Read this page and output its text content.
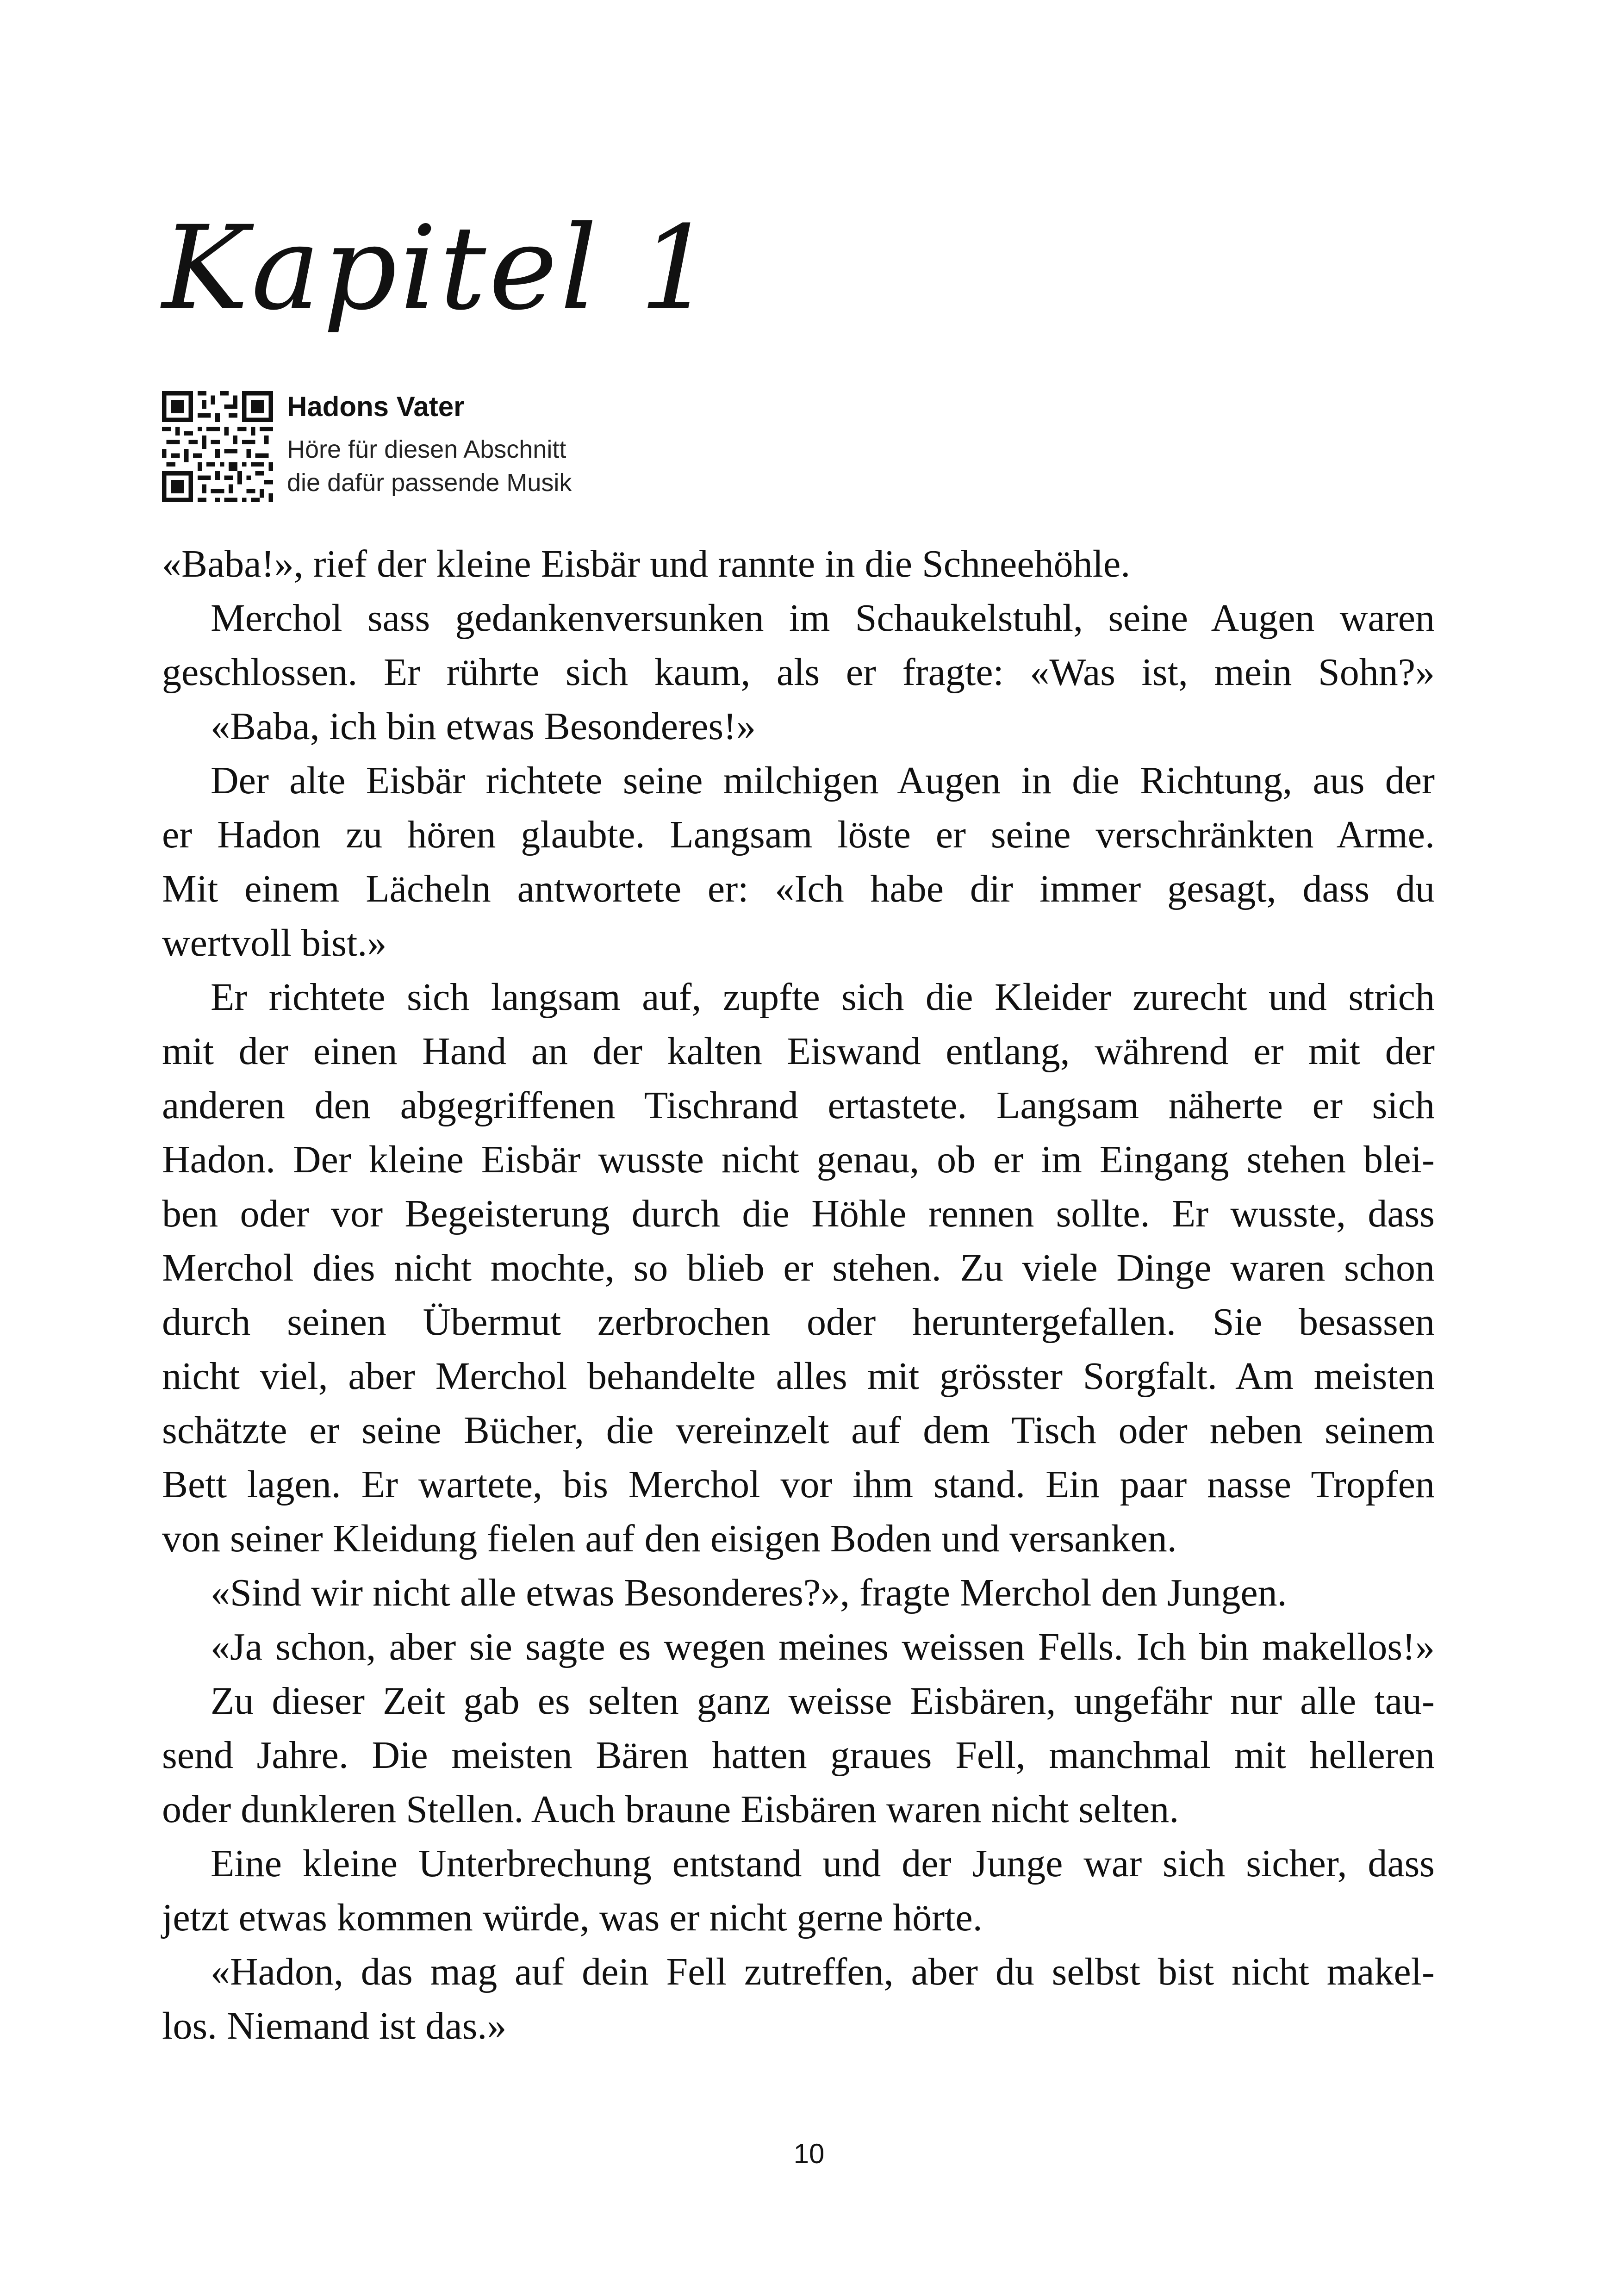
Kapitel 1

Hadons Vater

Höre für diesen Abschnitt
die dafür passende Musik

«Baba!», rief der kleine Eisbär und rannte in die Schneehöhle.
Merchol sass gedankenversunken im Schaukelstuhl, seine Augen waren
geschlossen. Er rührte sich kaum, als er fragte: «Was ist, mein Sohn?»
«Baba, ich bin etwas Besonderes!»
Der alte Eisbär richtete seine milchigen Augen in die Richtung, aus der
er Hadon zu hören glaubte. Langsam löste er seine verschränkten Arme.
Mit einem Lächeln antwortete er: «Ich habe dir immer gesagt, dass du
wertvoll bist.»
Er richtete sich langsam auf, zupfte sich die Kleider zurecht und strich
mit der einen Hand an der kalten Eiswand entlang, während er mit der
anderen den abgegriffenen Tischrand ertastete. Langsam näherte er sich
Hadon. Der kleine Eisbär wusste nicht genau, ob er im Eingang stehen blei-
ben oder vor Begeisterung durch die Höhle rennen sollte. Er wusste, dass
Merchol dies nicht mochte, so blieb er stehen. Zu viele Dinge waren schon
durch seinen Übermut zerbrochen oder heruntergefallen. Sie besassen
nicht viel, aber Merchol behandelte alles mit grösster Sorgfalt. Am meisten
schätzte er seine Bücher, die vereinzelt auf dem Tisch oder neben seinem
Bett lagen. Er wartete, bis Merchol vor ihm stand. Ein paar nasse Tropfen
von seiner Kleidung fielen auf den eisigen Boden und versanken.
«Sind wir nicht alle etwas Besonderes?», fragte Merchol den Jungen.
«Ja schon, aber sie sagte es wegen meines weissen Fells. Ich bin makellos!»
Zu dieser Zeit gab es selten ganz weisse Eisbären, ungefähr nur alle tau-
send Jahre. Die meisten Bären hatten graues Fell, manchmal mit helleren
oder dunkleren Stellen. Auch braune Eisbären waren nicht selten.
Eine kleine Unterbrechung entstand und der Junge war sich sicher, dass
jetzt etwas kommen würde, was er nicht gerne hörte.
«Hadon, das mag auf dein Fell zutreffen, aber du selbst bist nicht makel-
los. Niemand ist das.»

10
